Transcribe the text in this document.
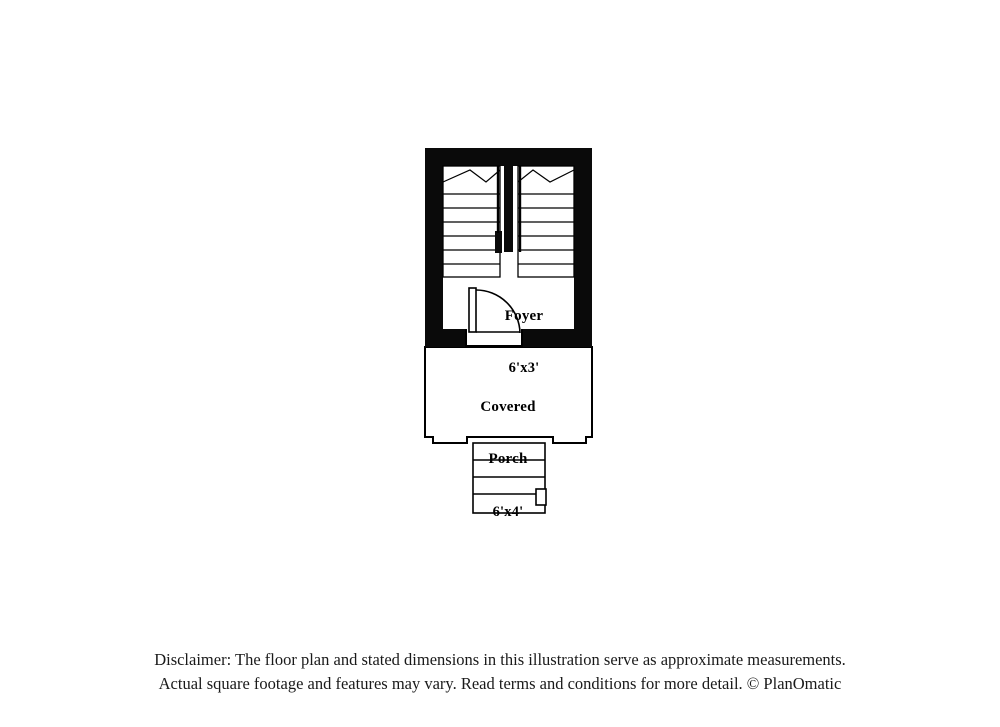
Foyer

6'x3'

Covered

Porch

6'x4'

Disclaimer: The floor plan and stated dimensions in this illustration serve as approximate measurements.
Actual square footage and features may vary. Read terms and conditions for more detail. © PlanOmatic
